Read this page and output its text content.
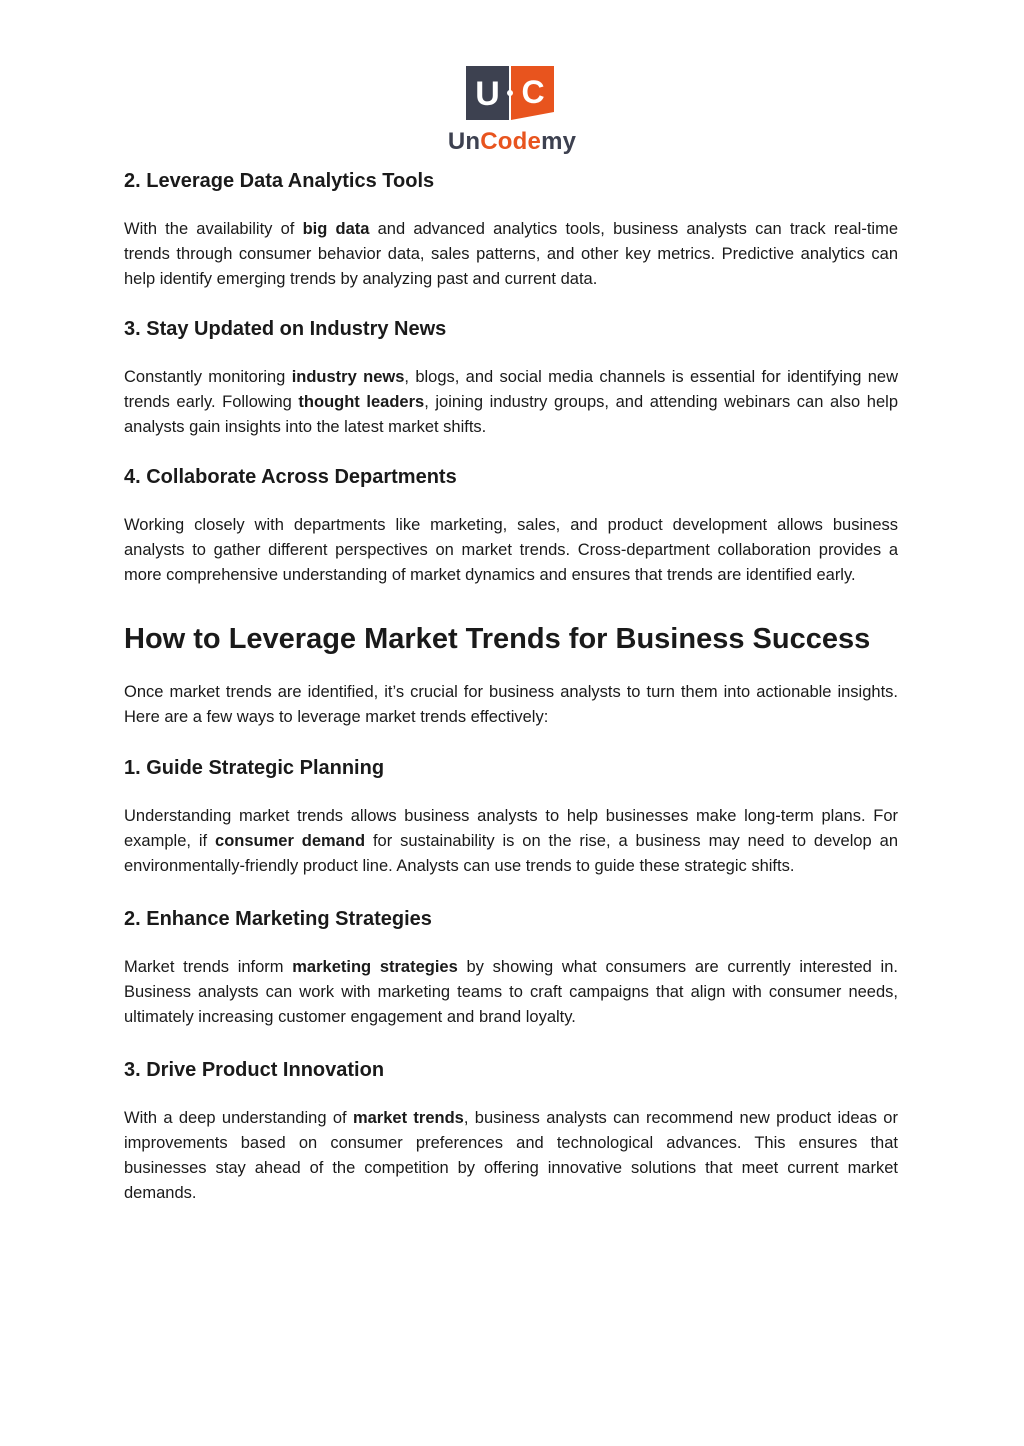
U C
UnCodemy
2. Leverage Data Analytics Tools

With the availability of big data and advanced analytics tools, business analysts can track real-time trends through consumer behavior data, sales patterns, and other key metrics. Predictive analytics can help identify emerging trends by analyzing past and current data.

3. Stay Updated on Industry News

Constantly monitoring industry news, blogs, and social media channels is essential for identifying new trends early. Following thought leaders, joining industry groups, and attending webinars can also help analysts gain insights into the latest market shifts.

4. Collaborate Across Departments

Working closely with departments like marketing, sales, and product development allows business analysts to gather different perspectives on market trends. Cross-department collaboration provides a more comprehensive understanding of market dynamics and ensures that trends are identified early.

How to Leverage Market Trends for Business Success

Once market trends are identified, it’s crucial for business analysts to turn them into actionable insights. Here are a few ways to leverage market trends effectively:

1. Guide Strategic Planning

Understanding market trends allows business analysts to help businesses make long-term plans. For example, if consumer demand for sustainability is on the rise, a business may need to develop an environmentally-friendly product line. Analysts can use trends to guide these strategic shifts.

2. Enhance Marketing Strategies

Market trends inform marketing strategies by showing what consumers are currently interested in. Business analysts can work with marketing teams to craft campaigns that align with consumer needs, ultimately increasing customer engagement and brand loyalty.

3. Drive Product Innovation

With a deep understanding of market trends, business analysts can recommend new product ideas or improvements based on consumer preferences and technological advances. This ensures that businesses stay ahead of the competition by offering innovative solutions that meet current market demands.
